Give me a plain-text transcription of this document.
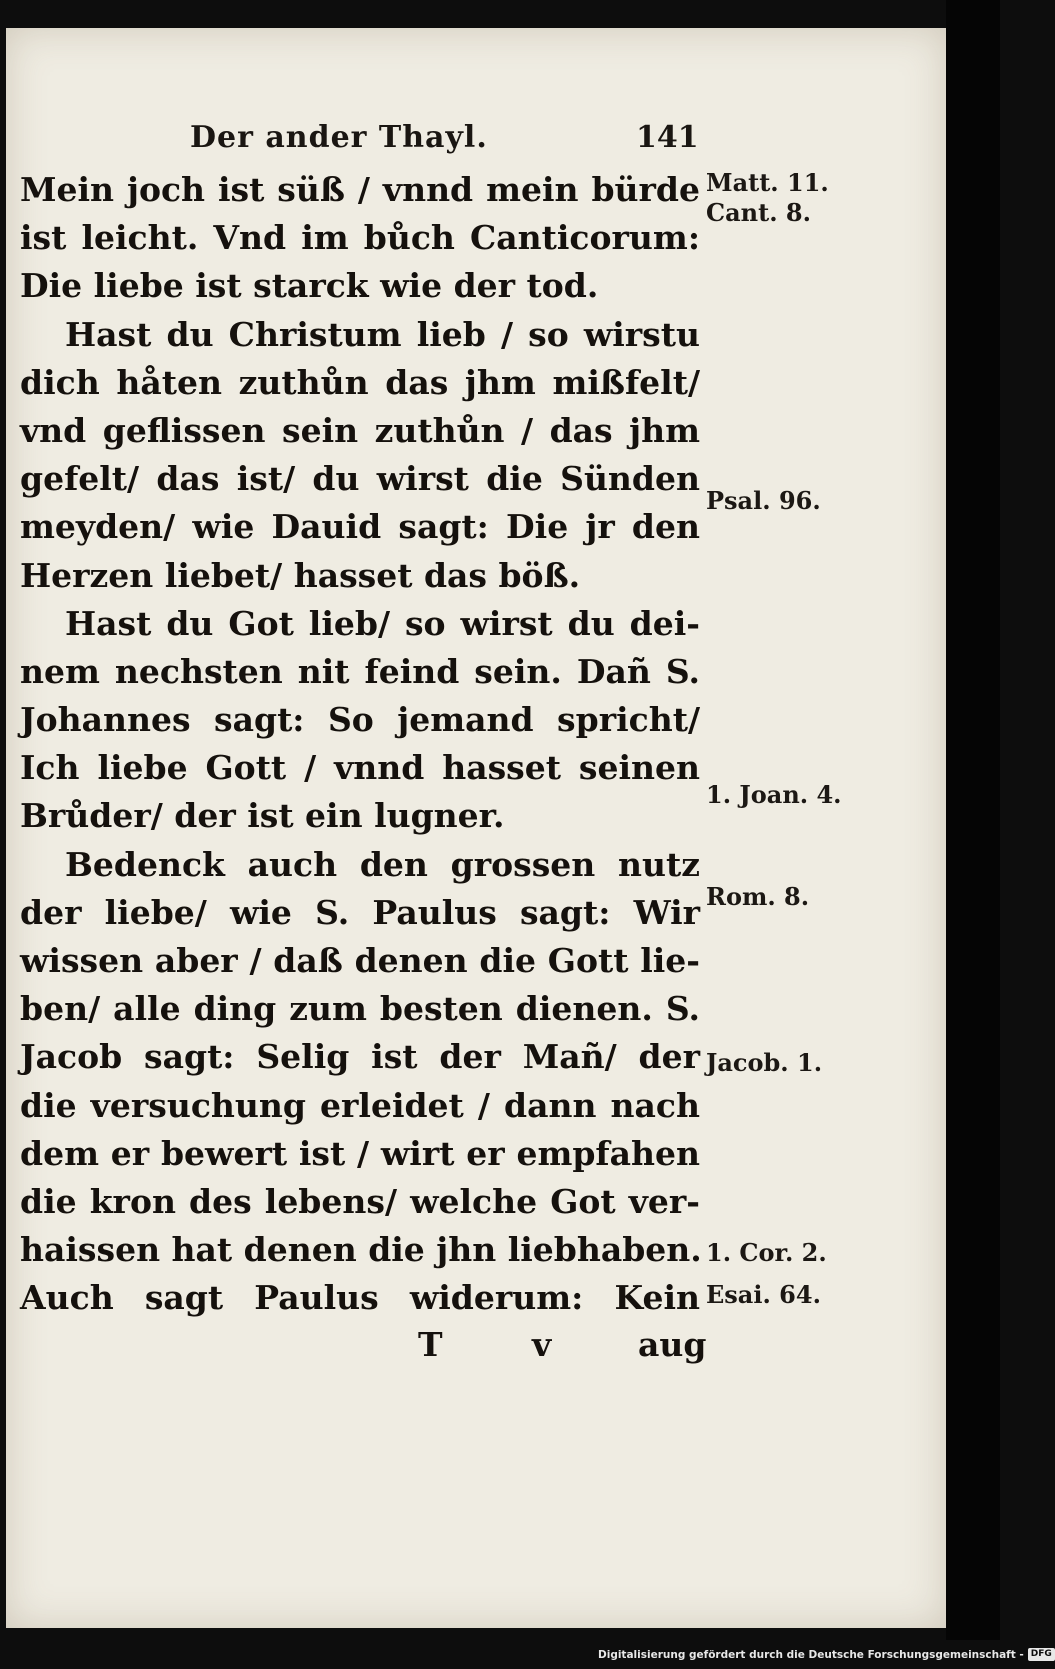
Der ander Thayl.	141
Mein joch ist süß / vnnd mein bürde
ist leicht. Vnd im bůch Canticorum:
Die liebe ist starck wie der tod.
Hast du Christum lieb / so wirstu
dich håten zuthůn das jhm mißfelt/
vnd geflissen sein zuthůn / das jhm
gefelt/ das ist/ du wirst die Sünden
meyden/ wie Dauid sagt: Die jr den
Herzen liebet/ hasset das böß.
Hast du Got lieb/ so wirst du dei-
nem nechsten nit feind sein. Dañ S.
Johannes sagt: So jemand spricht/
Ich liebe Gott / vnnd hasset seinen
Brůder/ der ist ein lugner.
Bedenck auch den grossen nutz
der liebe/ wie S. Paulus sagt: Wir
wissen aber / daß denen die Gott lie-
ben/ alle ding zum besten dienen. S.
Jacob sagt: Selig ist der Mañ/ der
die versuchung erleidet / dann nach
dem er bewert ist / wirt er empfahen
die kron des lebens/ welche Got ver-
haissen hat denen die jhn liebhaben.
Auch sagt Paulus widerum: Kein
Matt. 11.
Cant. 8.
Psal. 96.
1. Joan. 4.
Rom. 8.
Jacob. 1.
1. Cor. 2.
Esai. 64.
T	v	aug
Digitalisierung gefördert durch die Deutsche Forschungsgemeinschaft - DFG
